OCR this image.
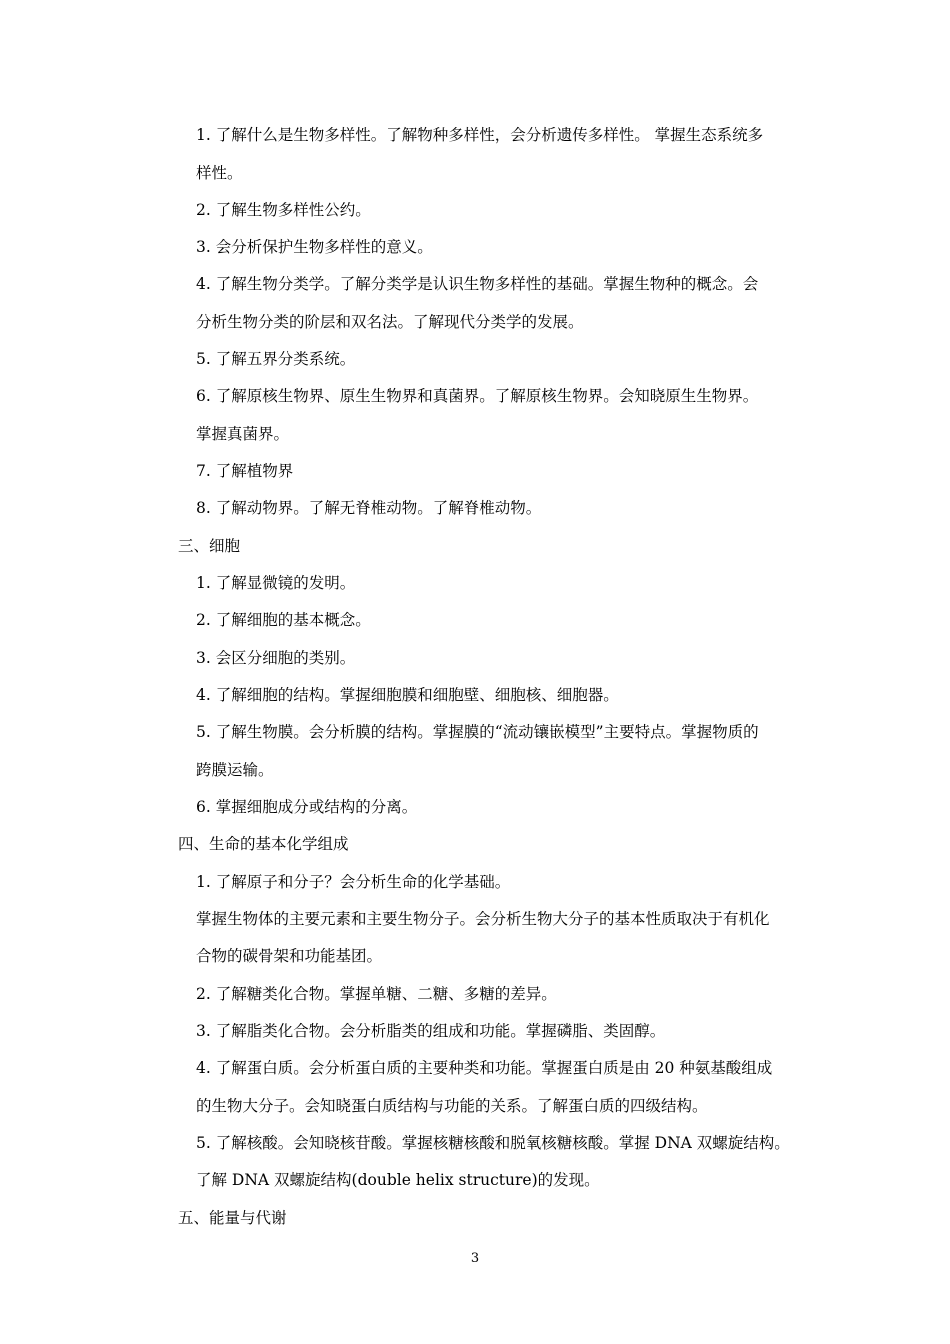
1. 了解什么是生物多样性。了解物种多样性，会分析遗传多样性。 掌握生态系统多
样性。
2. 了解生物多样性公约。
3. 会分析保护生物多样性的意义。
4. 了解生物分类学。了解分类学是认识生物多样性的基础。掌握生物种的概念。会
分析生物分类的阶层和双名法。了解现代分类学的发展。
5. 了解五界分类系统。
6. 了解原核生物界、原生生物界和真菌界。了解原核生物界。会知晓原生生物界。
掌握真菌界。
7. 了解植物界
8. 了解动物界。了解无脊椎动物。了解脊椎动物。
三、细胞
1. 了解显微镜的发明。
2. 了解细胞的基本概念。
3. 会区分细胞的类别。
4. 了解细胞的结构。掌握细胞膜和细胞壁、细胞核、细胞器。
5. 了解生物膜。会分析膜的结构。掌握膜的“流动镶嵌模型”主要特点。掌握物质的
跨膜运输。
6. 掌握细胞成分或结构的分离。
四、生命的基本化学组成
1. 了解原子和分子？会分析生命的化学基础。
掌握生物体的主要元素和主要生物分子。会分析生物大分子的基本性质取决于有机化
合物的碳骨架和功能基团。
2. 了解糖类化合物。掌握单糖、二糖、多糖的差异。
3. 了解脂类化合物。会分析脂类的组成和功能。掌握磷脂、类固醇。
4. 了解蛋白质。会分析蛋白质的主要种类和功能。掌握蛋白质是由 20 种氨基酸组成
的生物大分子。会知晓蛋白质结构与功能的关系。了解蛋白质的四级结构。
5. 了解核酸。会知晓核苷酸。掌握核糖核酸和脱氧核糖核酸。掌握 DNA 双螺旋结构。
了解 DNA 双螺旋结构(double helix structure)的发现。
五、能量与代谢
3
